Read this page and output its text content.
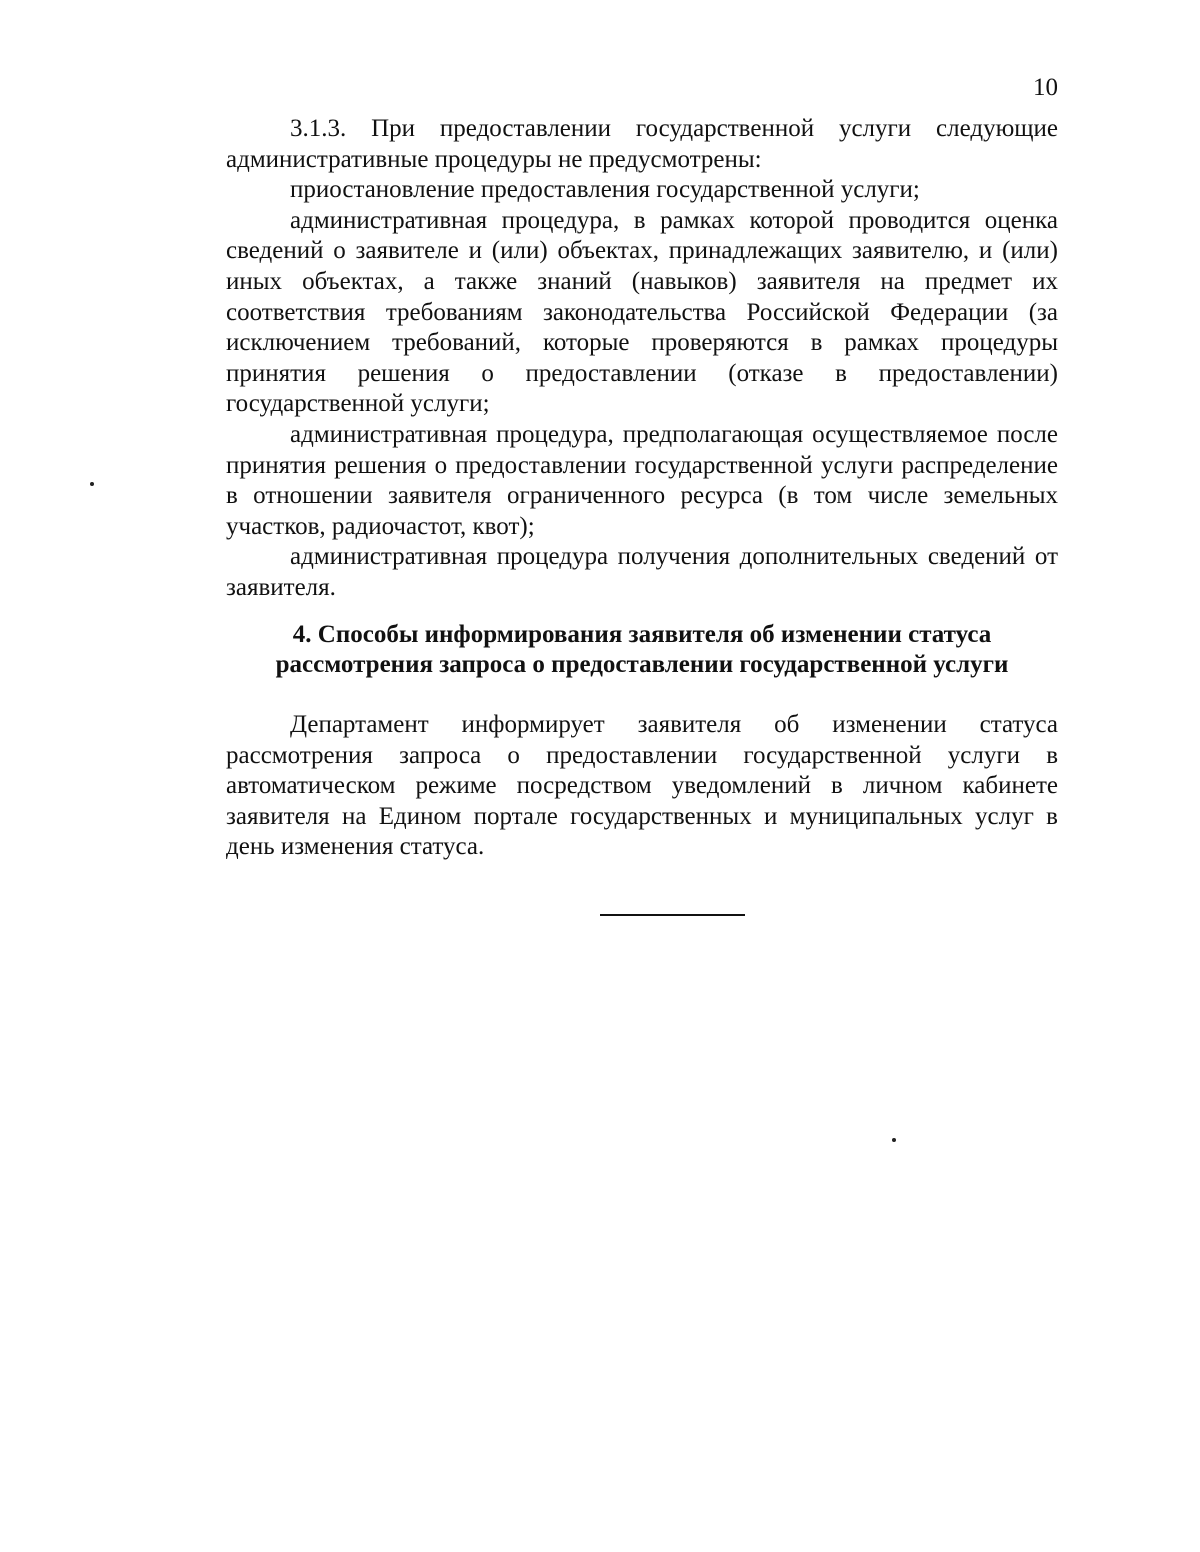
10

3.1.3. При предоставлении государственной услуги следующие административные процедуры не предусмотрены:

приостановление предоставления государственной услуги;

административная процедура, в рамках которой проводится оценка сведений о заявителе и (или) объектах, принадлежащих заявителю, и (или) иных объектах, а также знаний (навыков) заявителя на предмет их соответствия требованиям законодательства Российской Федерации (за исключением требований, которые проверяются в рамках процедуры принятия решения о предоставлении (отказе в предоставлении) государственной услуги;

административная процедура, предполагающая осуществляемое после принятия решения о предоставлении государственной услуги распределение в отношении заявителя ограниченного ресурса (в том числе земельных участков, радиочастот, квот);

административная процедура получения дополнительных сведений от заявителя.

4. Способы информирования заявителя об изменении статуса
рассмотрения запроса о предоставлении государственной услуги

Департамент информирует заявителя об изменении статуса рассмотрения запроса о предоставлении государственной услуги в автоматическом режиме посредством уведомлений в личном кабинете заявителя на Едином портале государственных и муниципальных услуг в день изменения статуса.
